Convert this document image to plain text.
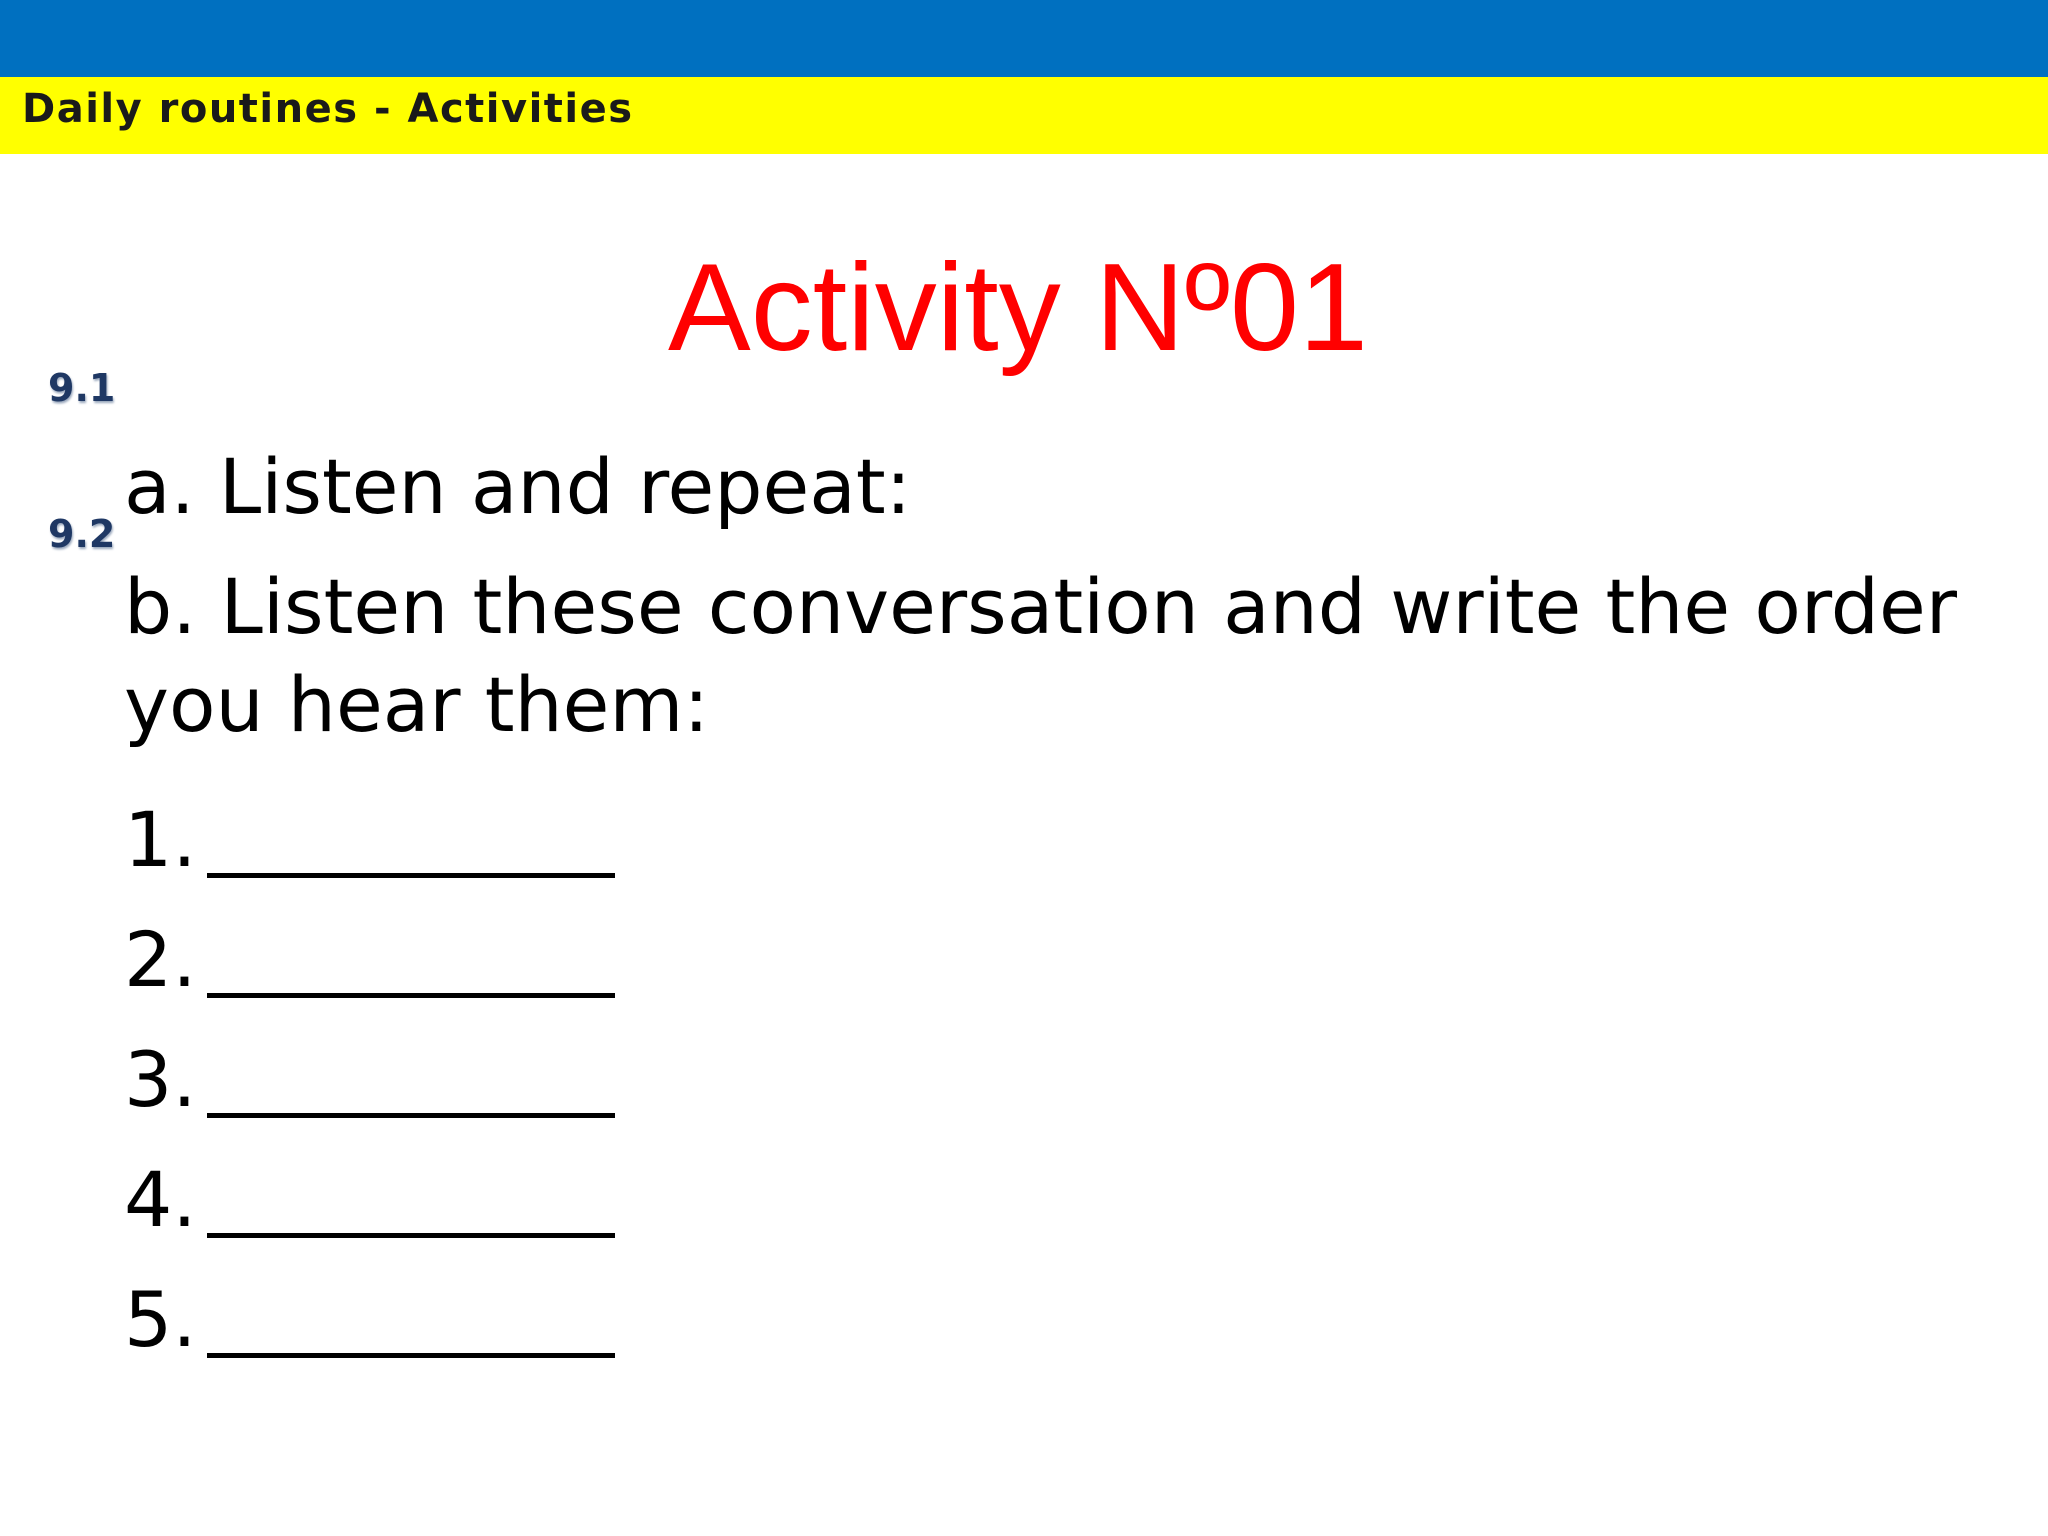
Daily routines - Activities
Activity Nº01
9.1
9.2

a. Listen and repeat:

b. Listen these conversation and write the order you hear them:

1.
2.
3.
4.
5.
